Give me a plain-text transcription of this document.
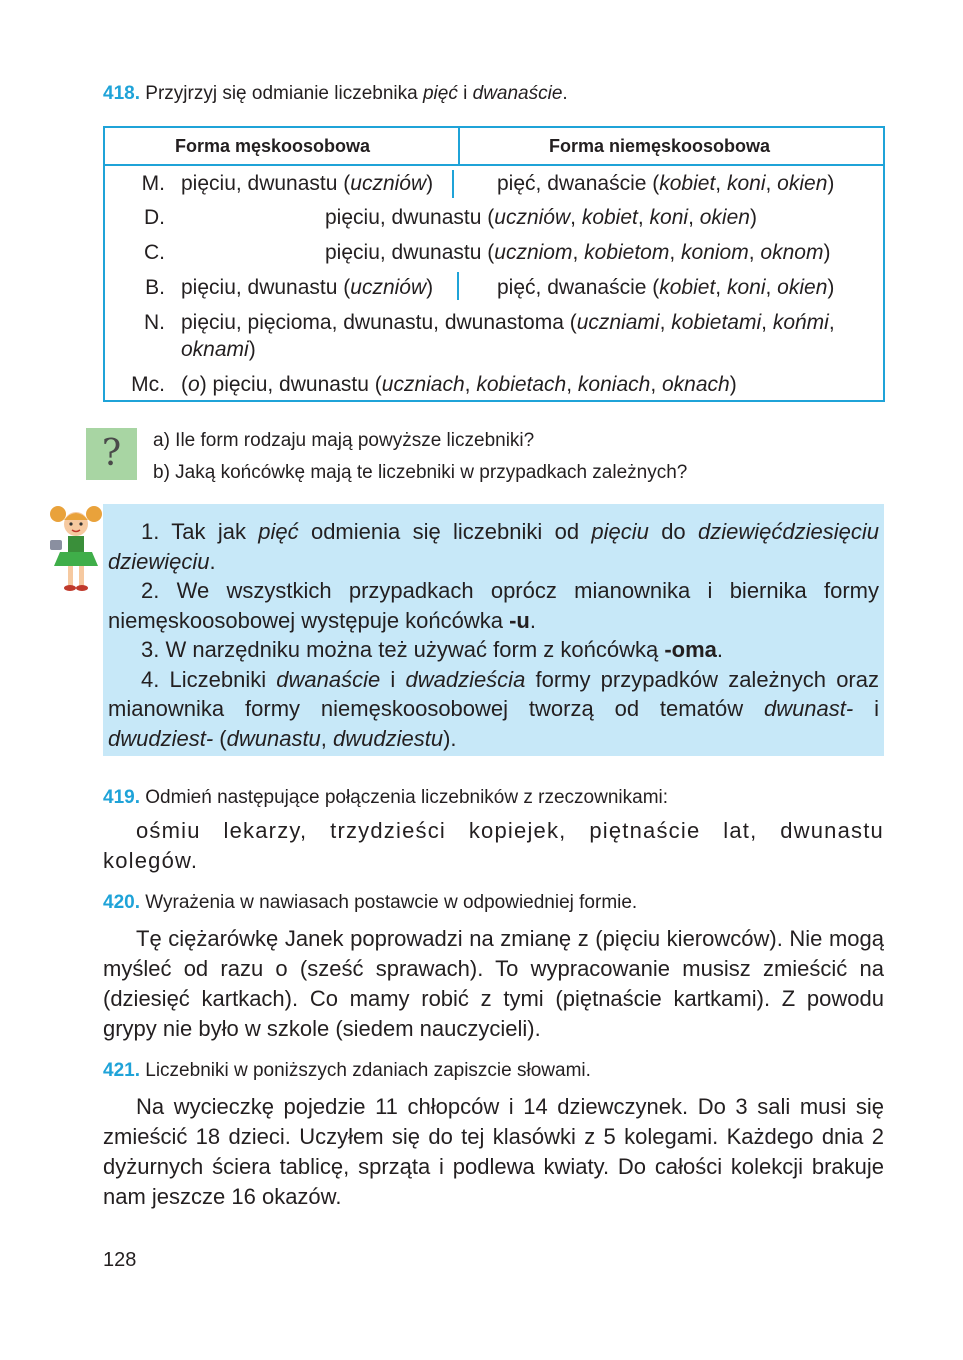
418. Przyjrzyj się odmianie liczebnika pięć i dwanaście.
Forma męskoosobowa	Forma niemęskoosobowa
M. pięciu, dwunastu (uczniów)	pięć, dwanaście (kobiet, koni, okien)
D.	pięciu, dwunastu (uczniów, kobiet, koni, okien)
C.	pięciu, dwunastu (uczniom, kobietom, koniom, oknom)
B. pięciu, dwunastu (uczniów)	pięć, dwanaście (kobiet, koni, okien)
N. pięciu, pięcioma, dwunastu, dwunastoma (uczniami, kobietami, końmi,
oknami)
Mc. (o) pięciu, dwunastu (uczniach, kobietach, koniach, oknach)
?	a) Ile form rodzaju mają powyższe liczebniki?
b) Jaką końcówkę mają te liczebniki w przypadkach zależnych?

1. Tak jak pięć odmienia się liczebniki od pięciu do dziewięćdziesięciu dziewięciu.

2. We wszystkich przypadkach oprócz mianownika i biernika formy niemęskoosobowej występuje końcówka -u.

3. W narzędniku można też używać form z końcówką -oma.

4. Liczebniki dwanaście i dwadzieścia formy przypadków zależnych oraz mianownika formy niemęskoosobowej tworzą od tematów dwunast- i dwudziest- (dwunastu, dwudziestu).

419. Odmień następujące połączenia liczebników z rzeczownikami:
ośmiu lekarzy, trzydzieści kopiejek, piętnaście lat, dwunastu kolegów.
420. Wyrażenia w nawiasach postawcie w odpowiedniej formie.
Tę ciężarówkę Janek poprowadzi na zmianę z (pięciu kierowców). Nie mogą myśleć od razu o (sześć sprawach). To wypracowanie musisz zmieścić na (dziesięć kartkach). Co mamy robić z tymi (piętnaście kartkami). Z powodu grypy nie było w szkole (siedem nauczycieli).
421. Liczebniki w poniższych zdaniach zapiszcie słowami.
Na wycieczkę pojedzie 11 chłopców i 14 dziewczynek. Do 3 sali musi się zmieścić 18 dzieci. Uczyłem się do tej klasówki z 5 kolegami. Każdego dnia 2 dyżurnych ściera tablicę, sprząta i podlewa kwiaty. Do całości kolekcji brakuje nam jeszcze 16 okazów.
128
